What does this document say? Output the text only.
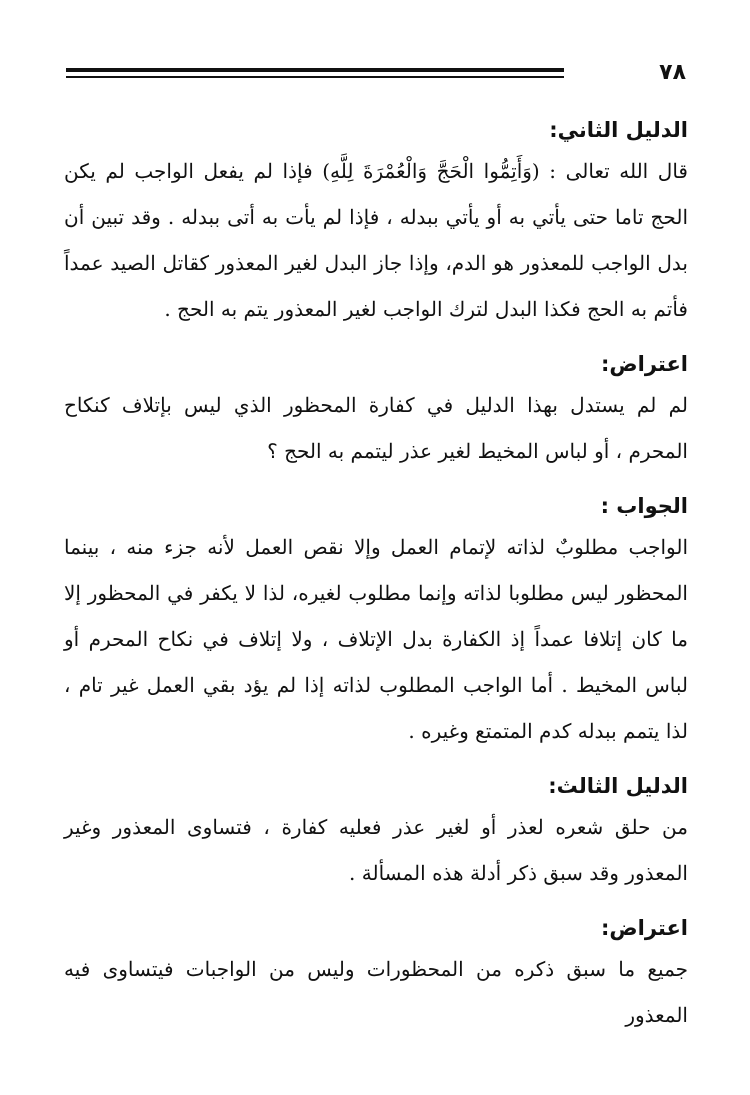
٧٨
الدليل الثاني:

قال الله تعالى : (وَأَتِمُّوا الْحَجَّ وَالْعُمْرَةَ لِلَّهِ) فإذا لم يفعل الواجب لم يكن الحج تاما حتى يأتي به أو يأتي ببدله ، فإذا لم يأت به أتى ببدله . وقد تبين أن بدل الواجب للمعذور هو الدم، وإذا جاز البدل لغير المعذور كقاتل الصيد عمداً فأتم به الحج فكذا البدل لترك الواجب لغير المعذور يتم به الحج .

اعتراض:

لم لم يستدل بهذا الدليل في كفارة المحظور الذي ليس بإتلاف كنكاح المحرم ، أو لباس المخيط لغير عذر ليتمم به الحج ؟

الجواب :

الواجب مطلوبٌ لذاته لإتمام العمل وإلا نقص العمل لأنه جزء منه ، بينما المحظور ليس مطلوبا لذاته وإنما مطلوب لغيره، لذا لا يكفر في المحظور إلا ما كان إتلافا عمداً إذ الكفارة بدل الإتلاف ، ولا إتلاف في نكاح المحرم أو لباس المخيط . أما الواجب المطلوب لذاته إذا لم يؤد بقي العمل غير تام ، لذا يتمم ببدله كدم المتمتع وغيره .

الدليل الثالث:

من حلق شعره لعذر أو لغير عذر فعليه كفارة ، فتساوى المعذور وغير المعذور وقد سبق ذكر أدلة هذه المسألة .

اعتراض:

جميع ما سبق ذكره من المحظورات وليس من الواجبات فيتساوى فيه المعذور
